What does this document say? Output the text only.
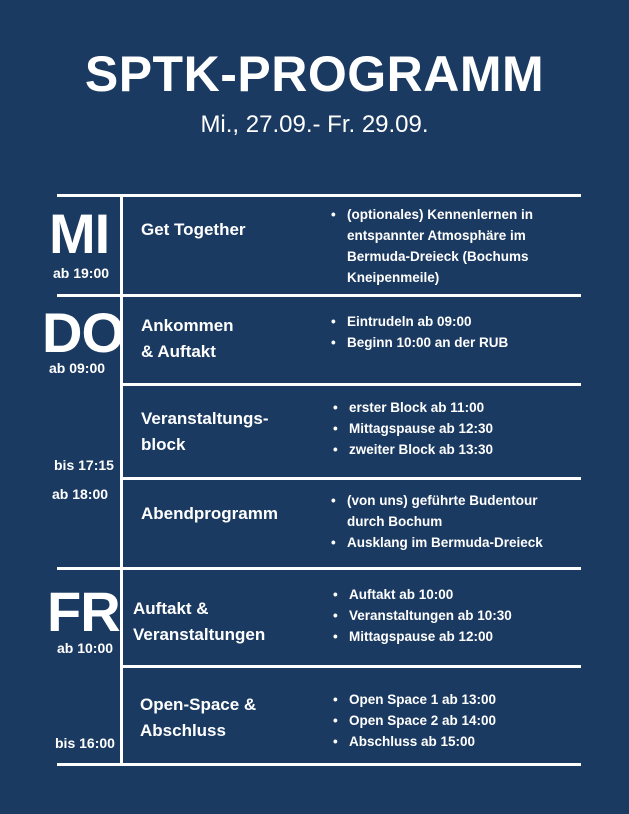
SPTK-PROGRAMM
Mi., 27.09.- Fr. 29.09.
MI
ab 19:00
DO
ab 09:00
bis 17:15
ab 18:00
FR
ab 10:00
bis 16:00
Get Together
• (optionales) Kennenlernen in entspannter Atmosphäre im Bermuda-Dreieck (Bochums Kneipenmeile)
Ankommen
& Auftakt
• Eintrudeln ab 09:00
• Beginn 10:00 an der RUB
Veranstaltungs-
block
• erster Block ab 11:00
• Mittagspause ab 12:30
• zweiter Block ab 13:30
Abendprogramm
• (von uns) geführte Budentour durch Bochum
• Ausklang im Bermuda-Dreieck
Auftakt &
Veranstaltungen
• Auftakt ab 10:00
• Veranstaltungen ab 10:30
• Mittagspause ab 12:00
Open-Space &
Abschluss
• Open Space 1 ab 13:00
• Open Space 2 ab 14:00
• Abschluss ab 15:00
